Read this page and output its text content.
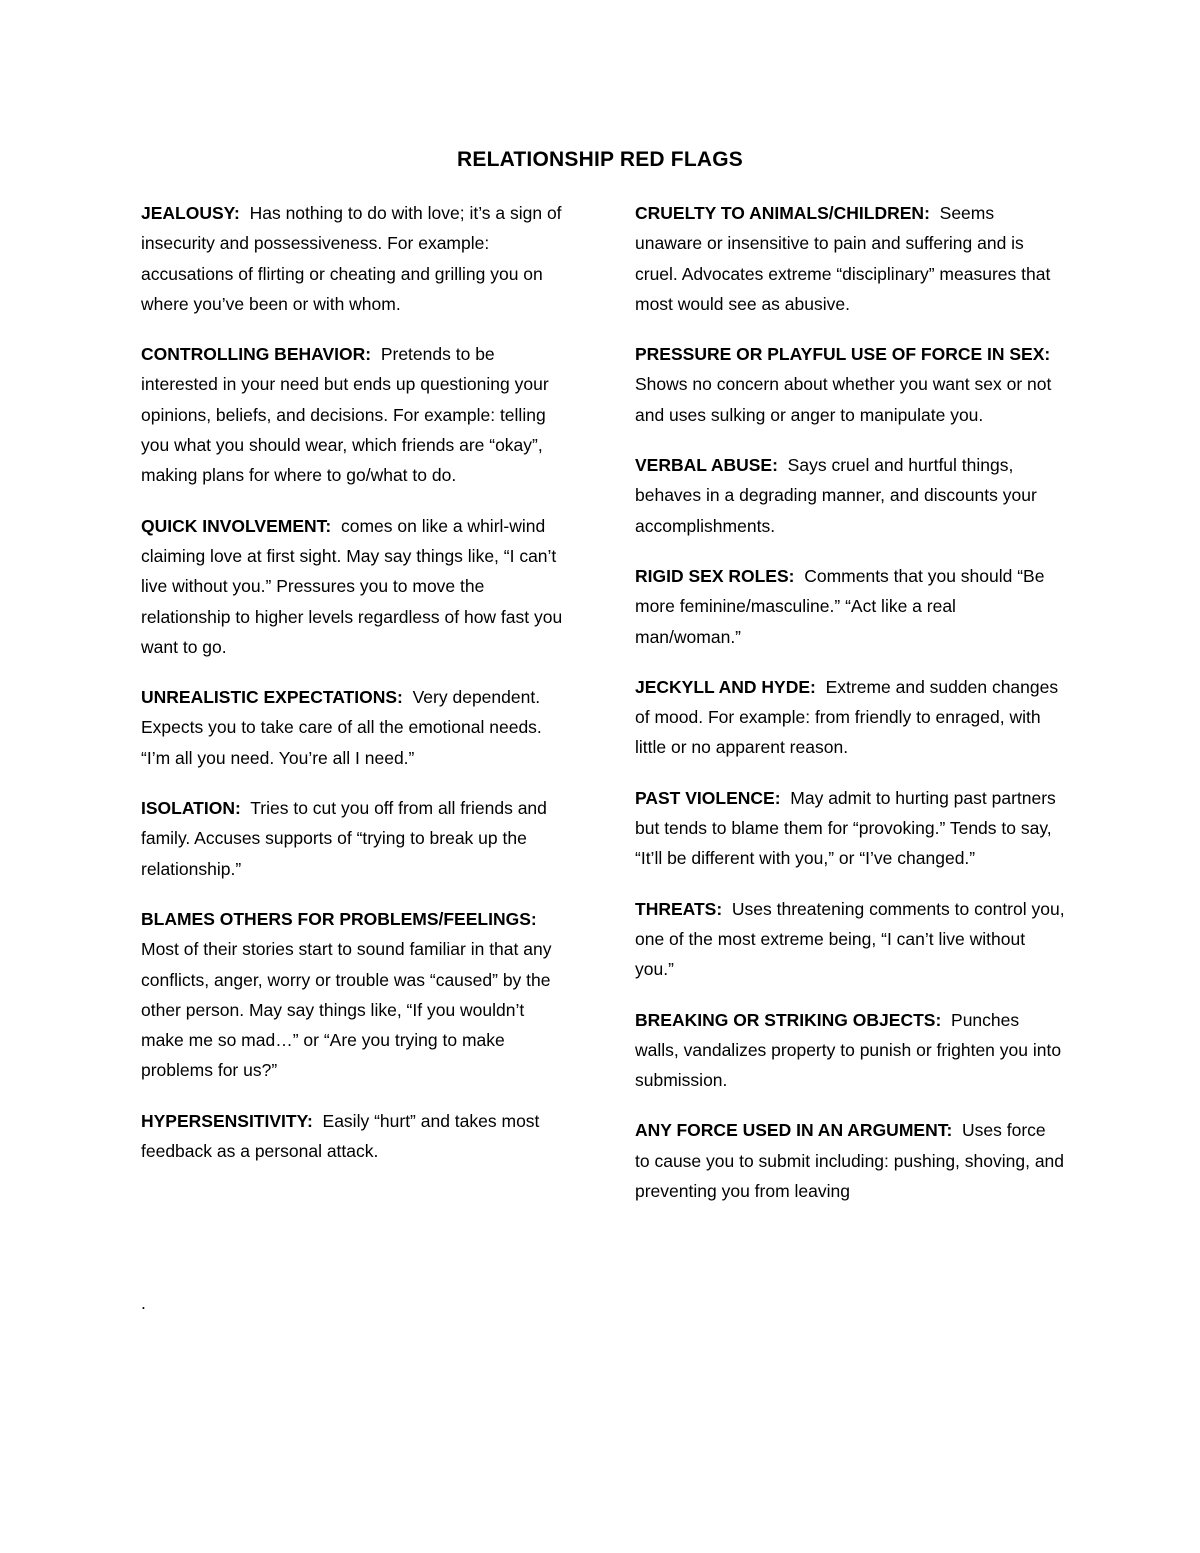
RELATIONSHIP RED FLAGS

JEALOUSY: Has nothing to do with love; it’s a sign of insecurity and possessiveness. For example: accusations of flirting or cheating and grilling you on where you’ve been or with whom.

CONTROLLING BEHAVIOR: Pretends to be interested in your need but ends up questioning your opinions, beliefs, and decisions. For example: telling you what you should wear, which friends are “okay”, making plans for where to go/what to do.

QUICK INVOLVEMENT: comes on like a whirl-wind claiming love at first sight. May say things like, “I can’t live without you.” Pressures you to move the relationship to higher levels regardless of how fast you want to go.

UNREALISTIC EXPECTATIONS: Very dependent. Expects you to take care of all the emotional needs. “I’m all you need. You’re all I need.”

ISOLATION: Tries to cut you off from all friends and family. Accuses supports of “trying to break up the relationship.”

BLAMES OTHERS FOR PROBLEMS/FEELINGS: Most of their stories start to sound familiar in that any conflicts, anger, worry or trouble was “caused” by the other person. May say things like, “If you wouldn’t make me so mad…” or “Are you trying to make problems for us?”

HYPERSENSITIVITY: Easily “hurt” and takes most feedback as a personal attack.

CRUELTY TO ANIMALS/CHILDREN: Seems unaware or insensitive to pain and suffering and is cruel. Advocates extreme “disciplinary” measures that most would see as abusive.

PRESSURE OR PLAYFUL USE OF FORCE IN SEX: Shows no concern about whether you want sex or not and uses sulking or anger to manipulate you.

VERBAL ABUSE: Says cruel and hurtful things, behaves in a degrading manner, and discounts your accomplishments.

RIGID SEX ROLES: Comments that you should “Be more feminine/masculine.” “Act like a real man/woman.”

JECKYLL AND HYDE: Extreme and sudden changes of mood. For example: from friendly to enraged, with little or no apparent reason.

PAST VIOLENCE: May admit to hurting past partners but tends to blame them for “provoking.” Tends to say, “It’ll be different with you,” or “I’ve changed.”

THREATS: Uses threatening comments to control you, one of the most extreme being, “I can’t live without you.”

BREAKING OR STRIKING OBJECTS: Punches walls, vandalizes property to punish or frighten you into submission.

ANY FORCE USED IN AN ARGUMENT: Uses force to cause you to submit including: pushing, shoving, and preventing you from leaving

.
